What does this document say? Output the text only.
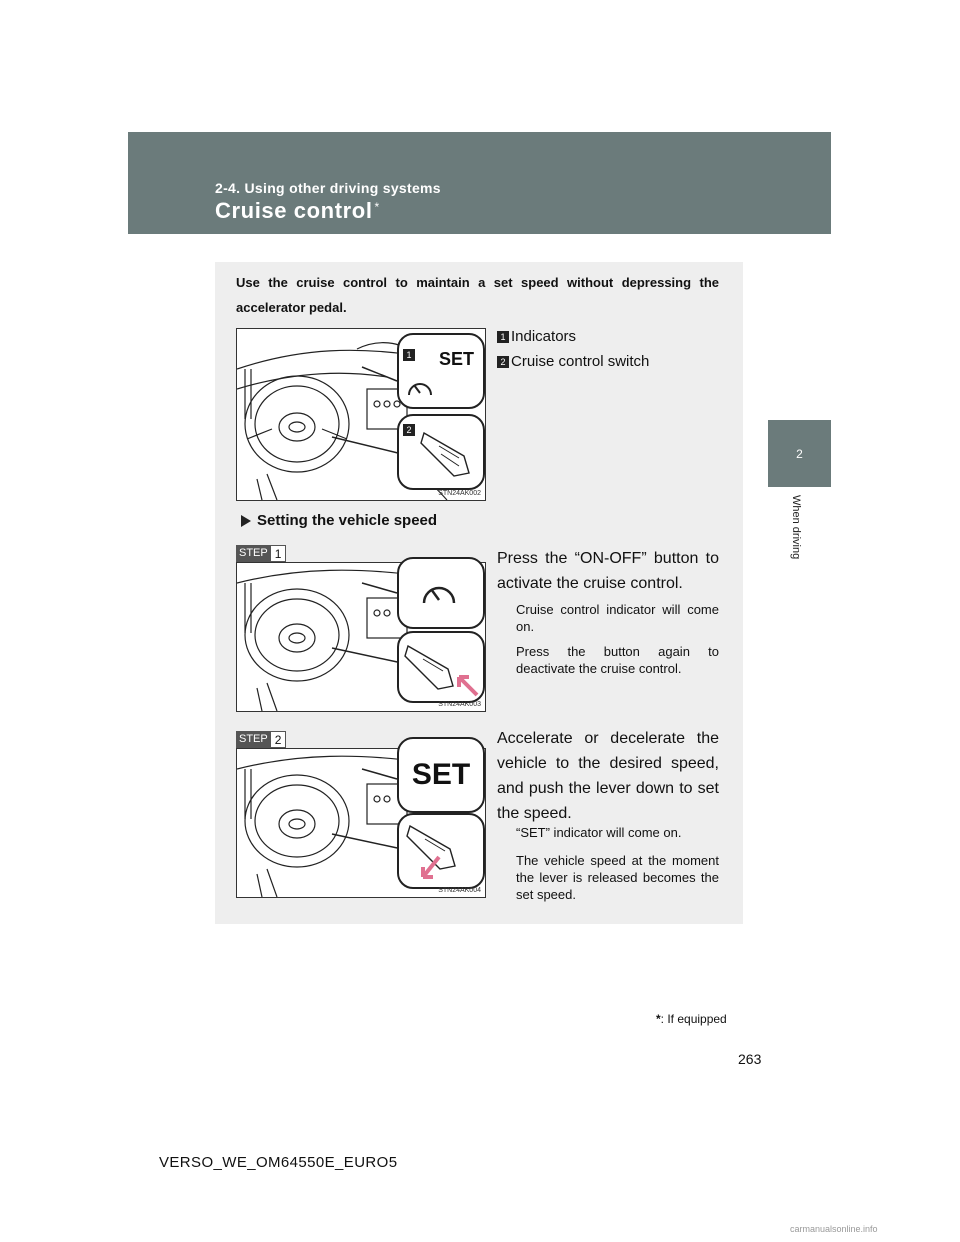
2-4. Using other driving systems
Cruise control *
2
When driving
Use the cruise control to maintain a set speed without depressing the accelerator pedal.
1 SET
2
STN24AK002
1 Indicators
2 Cruise control switch
Setting the vehicle speed
STEP 1
STN24AK003
Press the “ON-OFF” button to activate the cruise control.
Cruise control indicator will come on.
Press the button again to deactivate the cruise control.
STEP 2
SET
STN24AK004
Accelerate or decelerate the vehicle to the desired speed, and push the lever down to set the speed.
“SET” indicator will come on.
The vehicle speed at the moment the lever is released becomes the set speed.
*: If equipped
263
VERSO_WE_OM64550E_EURO5
carmanualsonline.info
